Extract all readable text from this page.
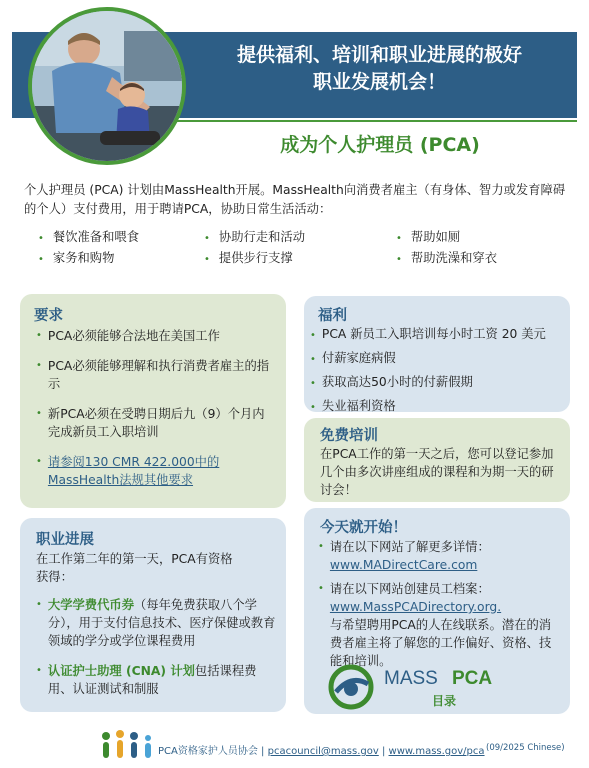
提供福利、培训和职业进展的极好
职业发展机会！
成为个人护理员 (PCA)
个人护理员 (PCA) 计划由MassHealth开展。MassHealth向消费者雇主（有身体、智力或发育障碍的个人）支付费用，用于聘请PCA，协助日常生活活动：
• 餐饮准备和喂食	• 协助行走和活动	• 帮助如厕
• 家务和购物	• 提供步行支撑	• 帮助洗澡和穿衣
要求
• PCA必须能够合法地在美国工作
• PCA必须能够理解和执行消费者雇主的指示
• 新PCA必须在受聘日期后九（9）个月内完成新员工入职培训
• 请参阅130 CMR 422.000中的MassHealth法规其他要求
福利
• PCA 新员工入职培训每小时工资 20 美元
• 付薪家庭病假
• 获取高达50小时的付薪假期
• 失业福利资格
免费培训
在PCA工作的第一天之后，您可以登记参加几个由多次讲座组成的课程和为期一天的研讨会！
职业进展
在工作第二年的第一天，PCA有资格获得：
• 大学学费代币券（每年免费获取八个学分），用于支付信息技术、医疗保健或教育领域的学分或学位课程费用
• 认证护士助理 (CNA) 计划包括课程费用、认证测试和制服
今天就开始！
• 请在以下网站了解更多详情：
www.MADirectCare.com
• 请在以下网站创建员工档案：
www.MassPCADirectory.org.
与希望聘用PCA的人在线联系。潜在的消费者雇主将了解您的工作偏好、资格、技能和培训。
MASS PCA
目录
PCA资格家护人员协会 | pcacouncil@mass.gov | www.mass.gov/pca (09/2025 Chinese)
